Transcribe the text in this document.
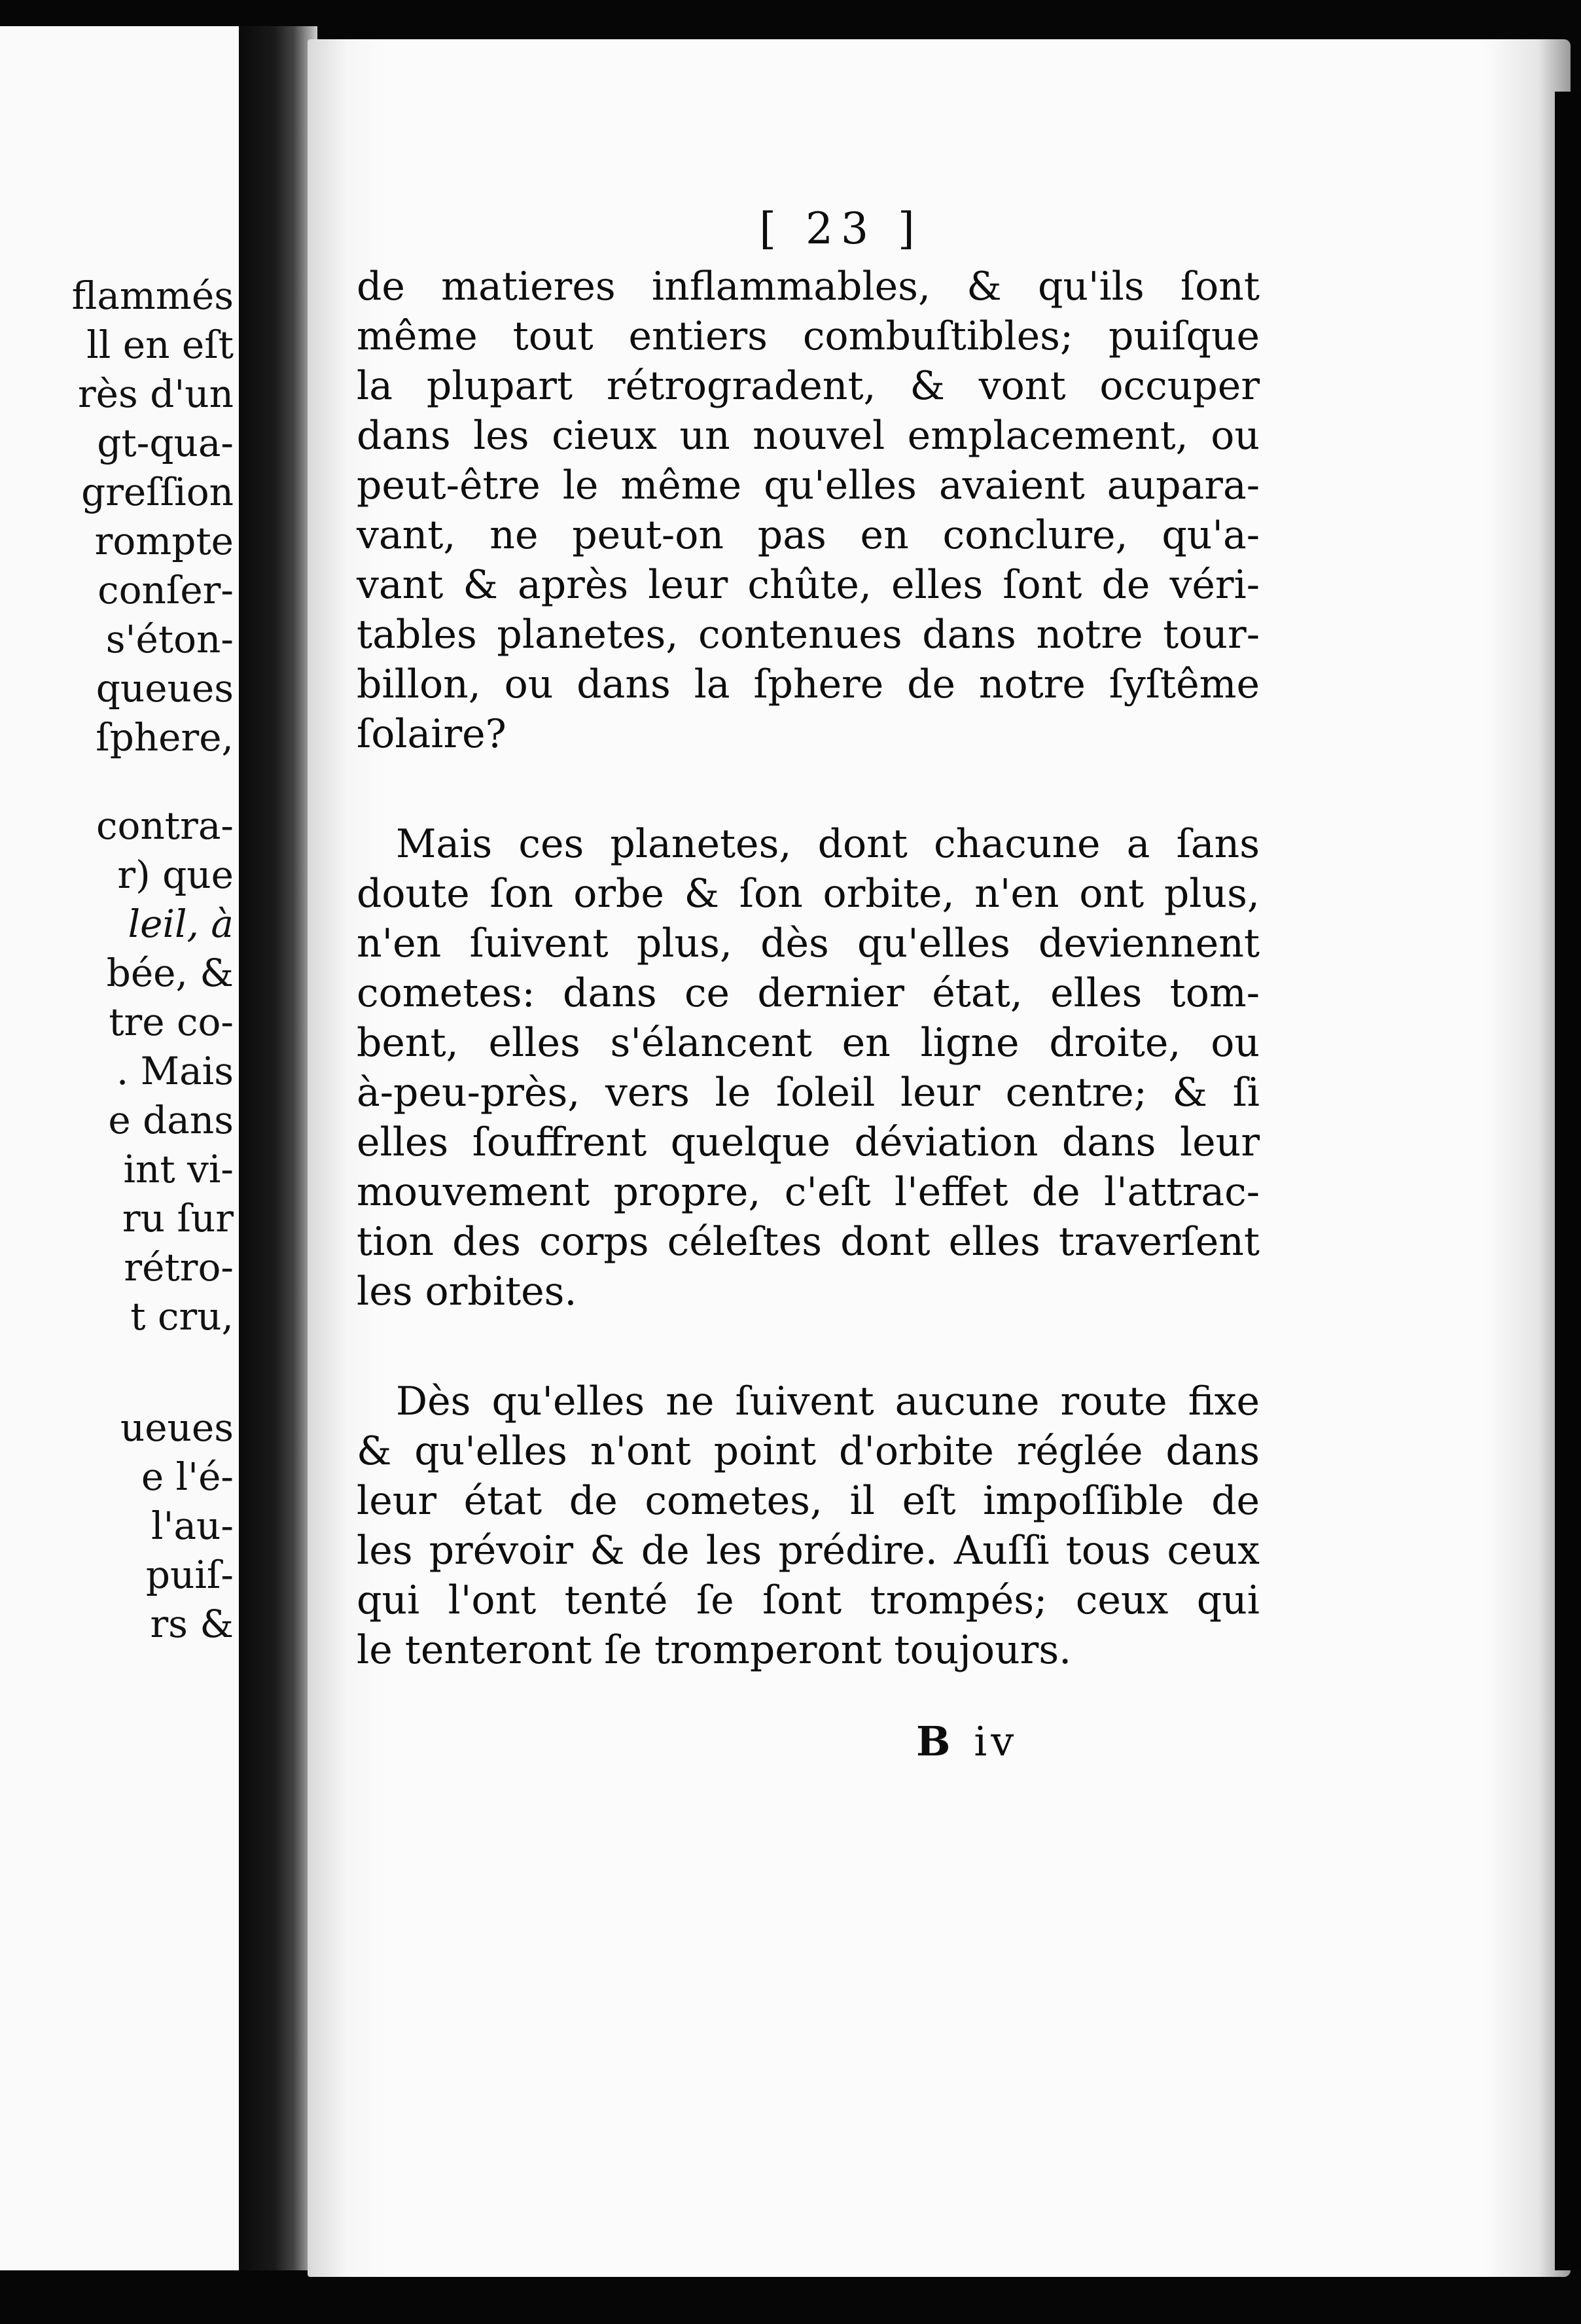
flammés
ll en eſt
rès d'un
gt-qua-
greſſion
rompte
conſer-
s'éton-
queues
ſphere,
contra-
r) que
leil, à
bée, &
tre co-
. Mais
e dans
int vi-
ru ſur
rétro-
t cru,
ueues
e l'é-
l'au-
puiſ-
rs &
[ 23 ]
de matieres inflammables, & qu'ils ſont
même tout entiers combuſtibles; puiſque
la plupart rétrogradent, & vont occuper
dans les cieux un nouvel emplacement, ou
peut-être le même qu'elles avaient aupara-
vant, ne peut-on pas en conclure, qu'a-
vant & après leur chûte, elles ſont de véri-
tables planetes, contenues dans notre tour-
billon, ou dans la ſphere de notre ſyſtême
ſolaire?
Mais ces planetes, dont chacune a ſans
doute ſon orbe & ſon orbite, n'en ont plus,
n'en ſuivent plus, dès qu'elles deviennent
cometes: dans ce dernier état, elles tom-
bent, elles s'élancent en ligne droite, ou
à-peu-près, vers le ſoleil leur centre; & ſi
elles ſouffrent quelque déviation dans leur
mouvement propre, c'eſt l'effet de l'attrac-
tion des corps céleſtes dont elles traverſent
les orbites.
Dès qu'elles ne ſuivent aucune route fixe
& qu'elles n'ont point d'orbite réglée dans
leur état de cometes, il eſt impoſſible de
les prévoir & de les prédire. Auſſi tous ceux
qui l'ont tenté ſe ſont trompés; ceux qui
le tenteront ſe tromperont toujours.
B iv
